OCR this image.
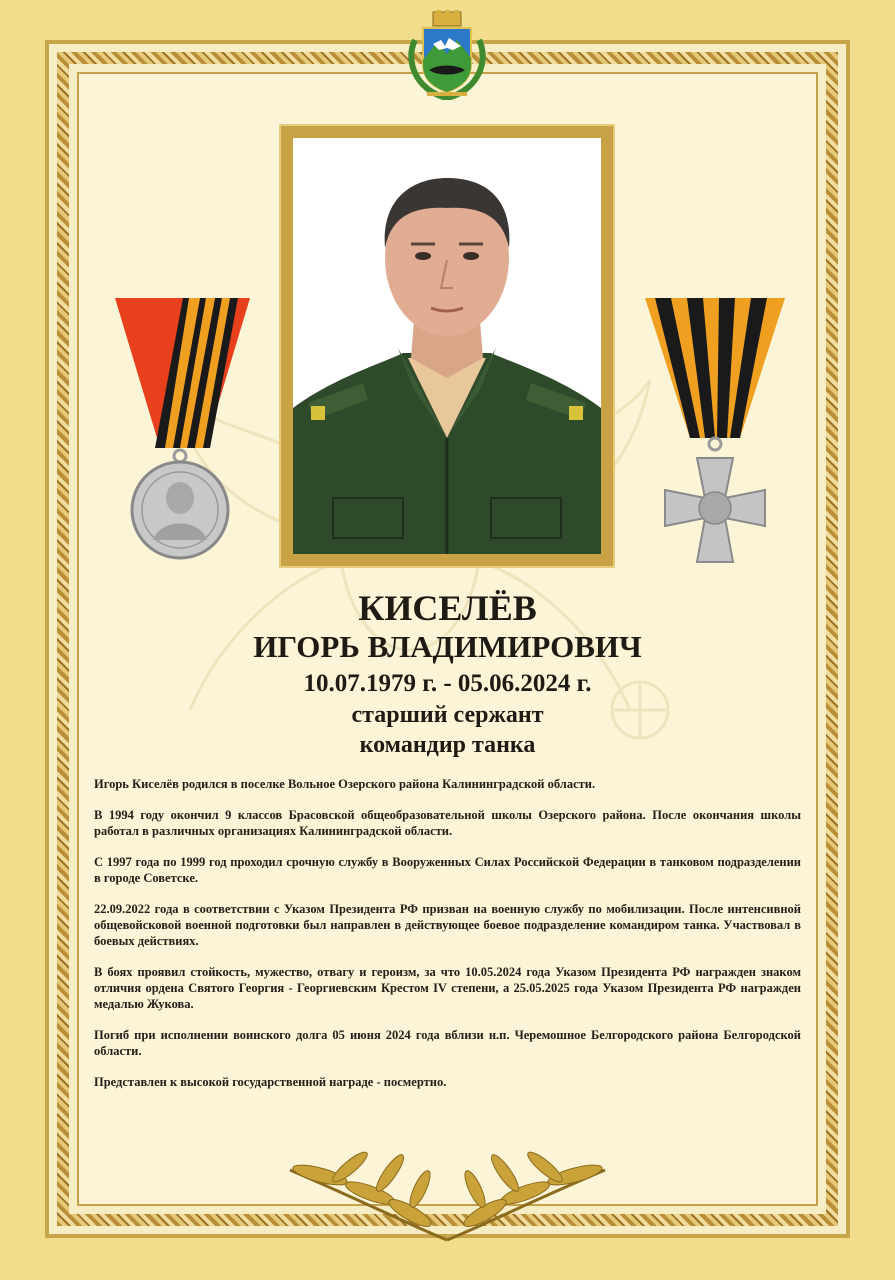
КИСЕЛЁВ

ИГОРЬ ВЛАДИМИРОВИЧ

10.07.1979 г. - 05.06.2024 г.

старший сержант

командир танка

Игорь Киселёв родился в поселке Вольное Озерского района Калининградской области.

В 1994 году окончил 9 классов Брасовской общеобразовательной школы Озерского района. После окончания школы работал в различных организациях Калининградской области.

С 1997 года по 1999 год проходил срочную службу в Вооруженных Силах Российской Федерации в танковом подразделении в городе Советске.

22.09.2022 года в соответствии с Указом Президента РФ призван на военную службу по мобилизации. После интенсивной общевойсковой военной подготовки был направлен в действующее боевое подразделение командиром танка. Участвовал в боевых действиях.

В боях проявил стойкость, мужество, отвагу и героизм, за что 10.05.2024 года Указом Президента РФ награжден знаком отличия ордена Святого Георгия - Георгиевским Крестом IV степени, а 25.05.2025 года Указом Президента РФ награжден медалью Жукова.

Погиб при исполнении воинского долга 05 июня 2024 года вблизи н.п. Черемошное Белгородского района Белгородской области.

Представлен к высокой государственной награде - посмертно.
